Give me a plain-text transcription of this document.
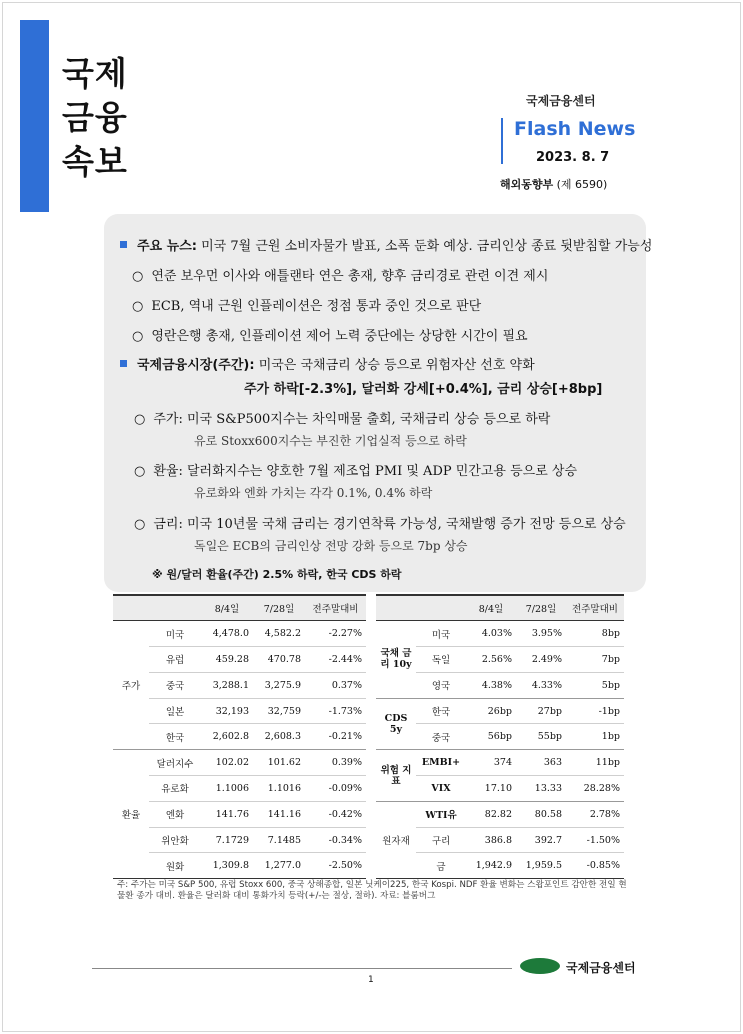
국제
금융
속보
국제금융센터
Flash News
2023. 8. 7
해외동향부 (제 6590)
주요 뉴스: 미국 7월 근원 소비자물가 발표, 소폭 둔화 예상. 금리인상 종료 뒷받침할 가능성
○ 연준 보우먼 이사와 애틀랜타 연은 총재, 향후 금리경로 관련 이견 제시
○ ECB, 역내 근원 인플레이션은 정점 통과 중인 것으로 판단
○ 영란은행 총재, 인플레이션 제어 노력 중단에는 상당한 시간이 필요
국제금융시장(주간): 미국은 국채금리 상승 등으로 위험자산 선호 약화
주가 하락[-2.3%], 달러화 강세[+0.4%], 금리 상승[+8bp]
○ 주가: 미국 S&P500지수는 차익매물 출회, 국채금리 상승 등으로 하락
유로 Stoxx600지수는 부진한 기업실적 등으로 하락
○ 환율: 달러화지수는 양호한 7월 제조업 PMI 및 ADP 민간고용 등으로 상승
유로화와 엔화 가치는 각각 0.1%, 0.4% 하락
○ 금리: 미국 10년물 국채 금리는 경기연착륙 가능성, 국채발행 증가 전망 등으로 상승
독일은 ECB의 금리인상 전망 강화 등으로 7bp 상승
※ 원/달러 환율(주간) 2.5% 하락, 한국 CDS 하락
		8/4일	7/28일	전주말대비
주가	미국	4,478.0	4,582.2	-2.27%
	유럽	459.28	470.78	-2.44%
	중국	3,288.1	3,275.9	0.37%
	일본	32,193	32,759	-1.73%
	한국	2,602.8	2,608.3	-0.21%
환율	달러지수	102.02	101.62	0.39%
	유로화	1.1006	1.1016	-0.09%
	엔화	141.76	141.16	-0.42%
	위안화	7.1729	7.1485	-0.34%
	원화	1,309.8	1,277.0	-2.50%
		8/4일	7/28일	전주말대비
국채 금리 10y	미국	4.03%	3.95%	8bp
	독일	2.56%	2.49%	7bp
	영국	4.38%	4.33%	5bp
CDS 5y	한국	26bp	27bp	-1bp
	중국	56bp	55bp	1bp
위험 지표	EMBI+	374	363	11bp
	VIX	17.10	13.33	28.28%
원자재	WTI유	82.82	80.58	2.78%
	구리	386.8	392.7	-1.50%
	금	1,942.9	1,959.5	-0.85%
주: 주가는 미국 S&P 500, 유럽 Stoxx 600, 중국 상해종합, 일본 닛케이225, 한국 Kospi. NDF 환율 변화는 스왑포인트 감안한 전일 현물환 종가 대비. 환율은 달러화 대비 통화가치 등락(+/-는 절상, 절하). 자료: 블룸버그
국제금융센터
1
